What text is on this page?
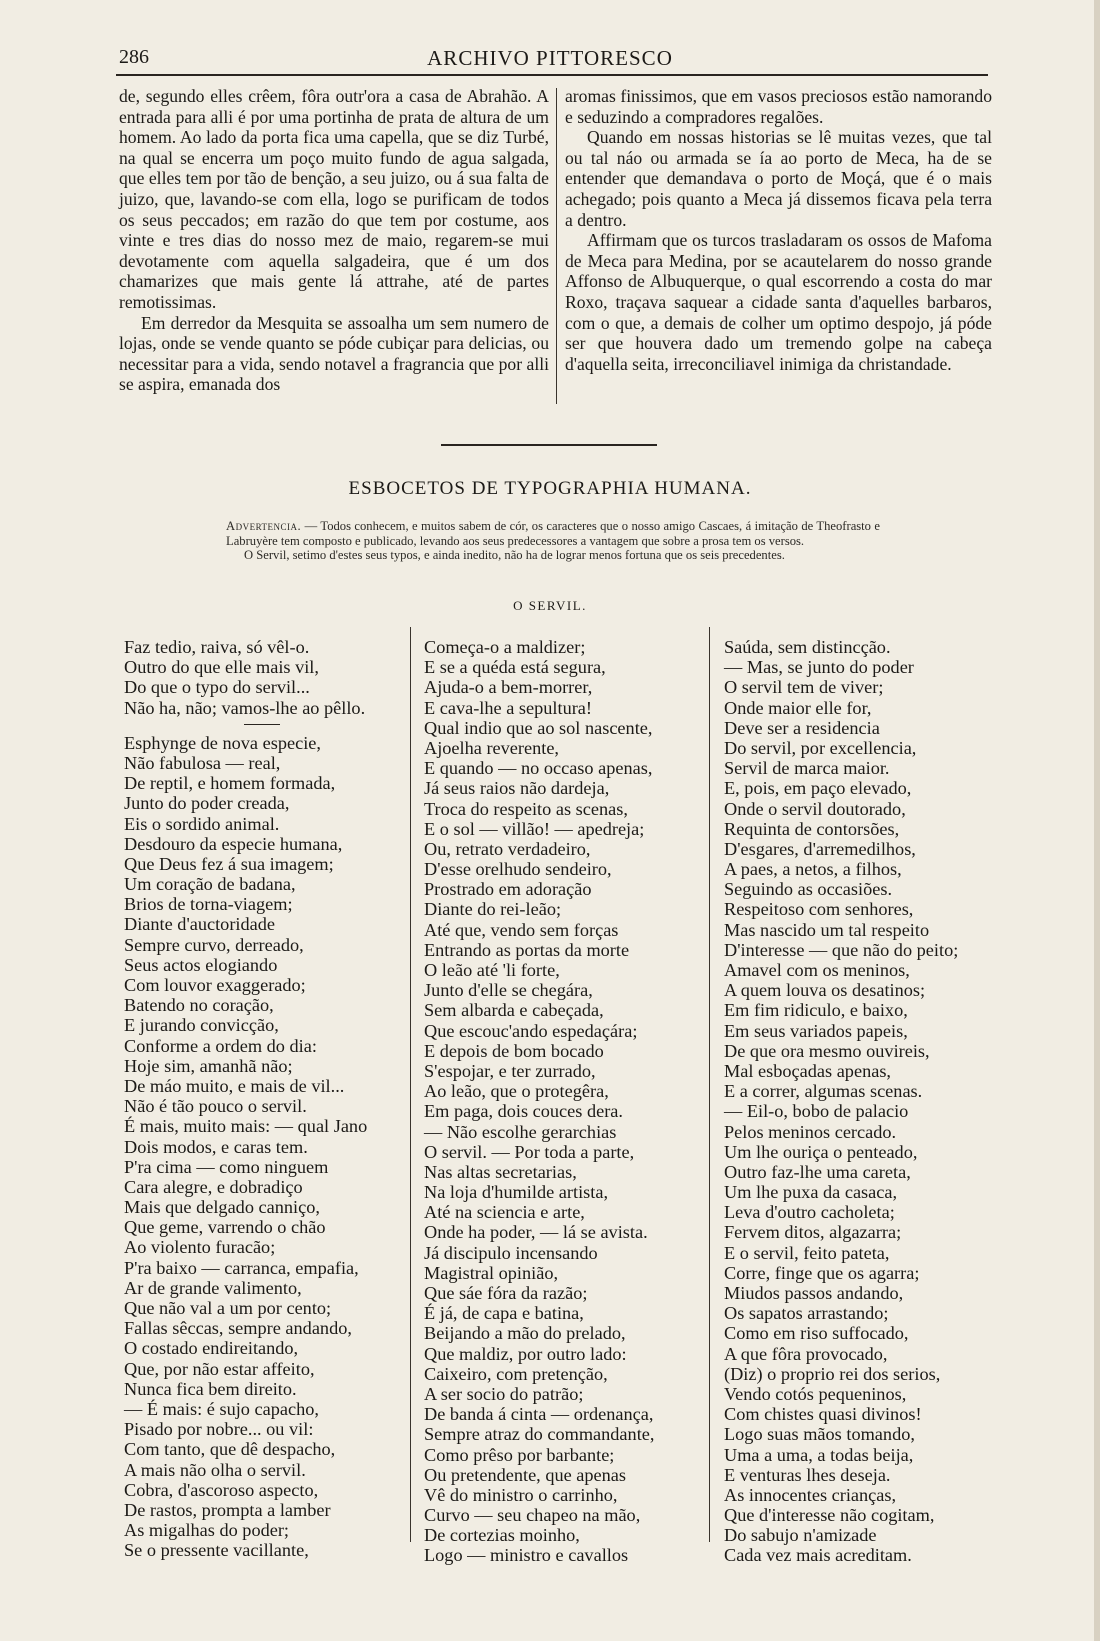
286	ARCHIVO PITTORESCO

de, segundo elles crêem, fôra outr'ora a casa de Abrahão. A entrada para alli é por uma portinha de prata de altura de um homem. Ao lado da porta fica uma capella, que se diz Turbé, na qual se encerra um poço muito fundo de agua salgada, que elles tem por tão de benção, a seu juizo, ou á sua falta de juizo, que, lavando-se com ella, logo se purificam de todos os seus peccados; em razão do que tem por costume, aos vinte e tres dias do nosso mez de maio, regarem-se mui devotamente com aquella salgadeira, que é um dos chamarizes que mais gente lá attrahe, até de partes remotissimas.

Em derredor da Mesquita se assoalha um sem numero de lojas, onde se vende quanto se póde cubiçar para delicias, ou necessitar para a vida, sendo notavel a fragrancia que por alli se aspira, emanada dos

aromas finissimos, que em vasos preciosos estão namorando e seduzindo a compradores regalões.

Quando em nossas historias se lê muitas vezes, que tal ou tal náo ou armada se ía ao porto de Meca, ha de se entender que demandava o porto de Moçá, que é o mais achegado; pois quanto a Meca já dissemos ficava pela terra a dentro.

Affirmam que os turcos trasladaram os ossos de Mafoma de Meca para Medina, por se acautelarem do nosso grande Affonso de Albuquerque, o qual escorrendo a costa do mar Roxo, traçava saquear a cidade santa d'aquelles barbaros, com o que, a demais de colher um optimo despojo, já póde ser que houvera dado um tremendo golpe na cabeça d'aquella seita, irreconciliavel inimiga da christandade.

ESBOCETOS DE TYPOGRAPHIA HUMANA.

Advertencia. — Todos conhecem, e muitos sabem de cór, os caracteres que o nosso amigo Cascaes, á imitação de Theofrasto e Labruyère tem composto e publicado, levando aos seus predecessores a vantagem que sobre a prosa tem os versos.

O Servil, setimo d'estes seus typos, e ainda inedito, não ha de lograr menos fortuna que os seis precedentes.

O SERVIL.
Faz tedio, raiva, só vêl-o.
Outro do que elle mais vil,
Do que o typo do servil...
Não ha, não; vamos-lhe ao pêllo.
Esphynge de nova especie,
Não fabulosa — real,
De reptil, e homem formada,
Junto do poder creada,
Eis o sordido animal.
Desdouro da especie humana,
Que Deus fez á sua imagem;
Um coração de badana,
Brios de torna-viagem;
Diante d'auctoridade
Sempre curvo, derreado,
Seus actos elogiando
Com louvor exaggerado;
Batendo no coração,
E jurando convicção,
Conforme a ordem do dia:
Hoje sim, amanhã não;
De máo muito, e mais de vil...
Não é tão pouco o servil.
É mais, muito mais: — qual Jano
Dois modos, e caras tem.
P'ra cima — como ninguem
Cara alegre, e dobradiço
Mais que delgado canniço,
Que geme, varrendo o chão
Ao violento furacão;
P'ra baixo — carranca, empafia,
Ar de grande valimento,
Que não val a um por cento;
Fallas sêccas, sempre andando,
O costado endireitando,
Que, por não estar affeito,
Nunca fica bem direito.
— É mais: é sujo capacho,
Pisado por nobre... ou vil:
Com tanto, que dê despacho,
A mais não olha o servil.
Cobra, d'ascoroso aspecto,
De rastos, prompta a lamber
As migalhas do poder;
Se o pressente vacillante,
Começa-o a maldizer;
E se a quéda está segura,
Ajuda-o a bem-morrer,
E cava-lhe a sepultura!
Qual indio que ao sol nascente,
Ajoelha reverente,
E quando — no occaso apenas,
Já seus raios não dardeja,
Troca do respeito as scenas,
E o sol — villão! — apedreja;
Ou, retrato verdadeiro,
D'esse orelhudo sendeiro,
Prostrado em adoração
Diante do rei-leão;
Até que, vendo sem forças
Entrando as portas da morte
O leão até 'li forte,
Junto d'elle se chegára,
Sem albarda e cabeçada,
Que escouc'ando espedaçára;
E depois de bom bocado
S'espojar, e ter zurrado,
Ao leão, que o protegêra,
Em paga, dois couces dera.
— Não escolhe gerarchias
O servil. — Por toda a parte,
Nas altas secretarias,
Na loja d'humilde artista,
Até na sciencia e arte,
Onde ha poder, — lá se avista.
Já discipulo incensando
Magistral opinião,
Que sáe fóra da razão;
É já, de capa e batina,
Beijando a mão do prelado,
Que maldiz, por outro lado:
Caixeiro, com pretenção,
A ser socio do patrão;
De banda á cinta — ordenança,
Sempre atraz do commandante,
Como prêso por barbante;
Ou pretendente, que apenas
Vê do ministro o carrinho,
Curvo — seu chapeo na mão,
De cortezias moinho,
Logo — ministro e cavallos
Saúda, sem distincção.
— Mas, se junto do poder
O servil tem de viver;
Onde maior elle for,
Deve ser a residencia
Do servil, por excellencia,
Servil de marca maior.
E, pois, em paço elevado,
Onde o servil doutorado,
Requinta de contorsões,
D'esgares, d'arremedilhos,
A paes, a netos, a filhos,
Seguindo as occasiões.
Respeitoso com senhores,
Mas nascido um tal respeito
D'interesse — que não do peito;
Amavel com os meninos,
A quem louva os desatinos;
Em fim ridiculo, e baixo,
Em seus variados papeis,
De que ora mesmo ouvireis,
Mal esboçadas apenas,
E a correr, algumas scenas.
— Eil-o, bobo de palacio
Pelos meninos cercado.
Um lhe ouriça o penteado,
Outro faz-lhe uma careta,
Um lhe puxa da casaca,
Leva d'outro cacholeta;
Fervem ditos, algazarra;
E o servil, feito pateta,
Corre, finge que os agarra;
Miudos passos andando,
Os sapatos arrastando;
Como em riso suffocado,
A que fôra provocado,
(Diz) o proprio rei dos serios,
Vendo cotós pequeninos,
Com chistes quasi divinos!
Logo suas mãos tomando,
Uma a uma, a todas beija,
E venturas lhes deseja.
As innocentes crianças,
Que d'interesse não cogitam,
Do sabujo n'amizade
Cada vez mais acreditam.
